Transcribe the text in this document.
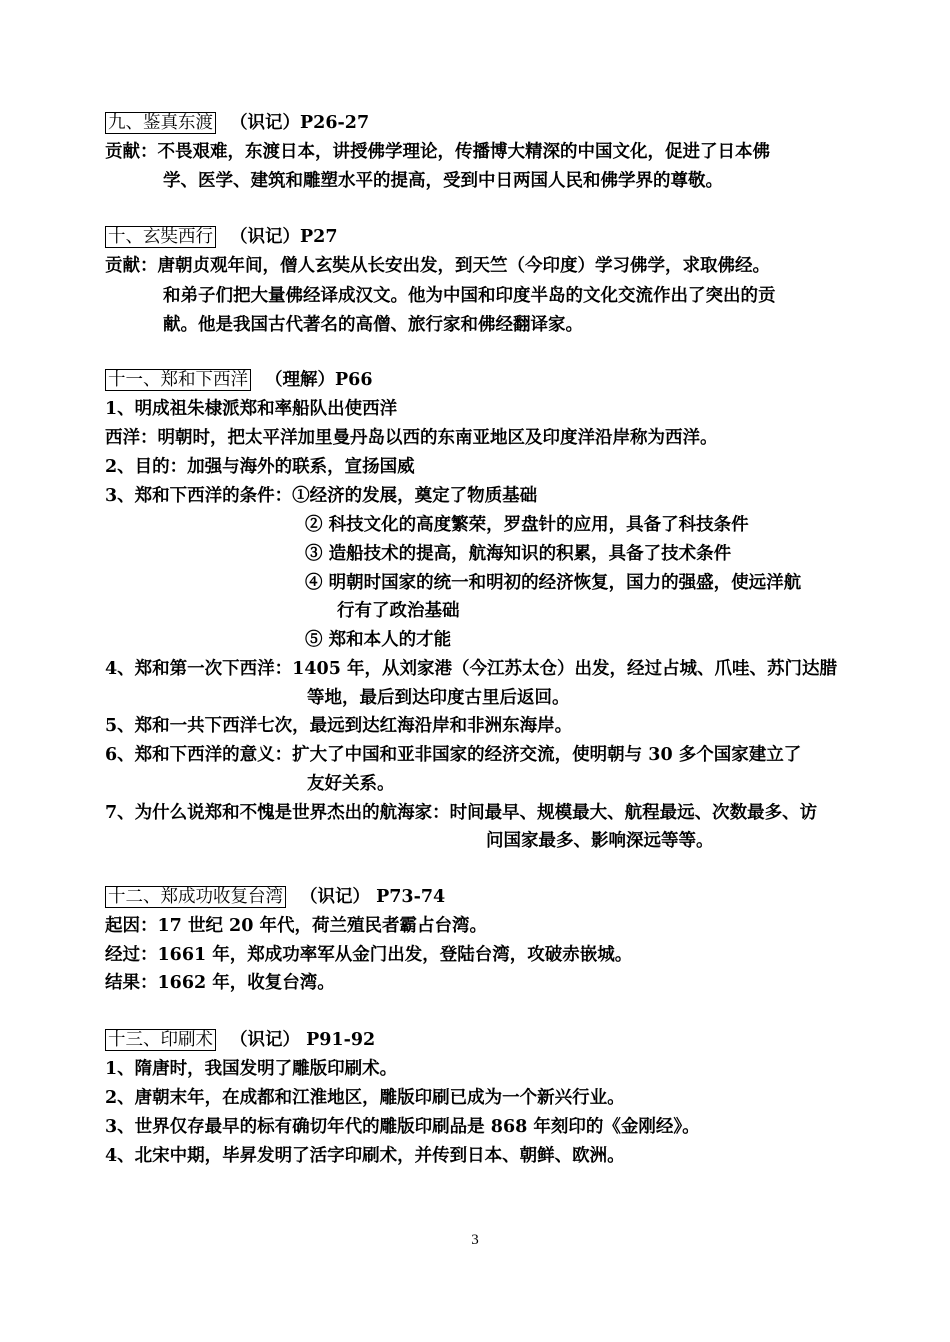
九、鉴真东渡 （识记）P26-27
贡献：不畏艰难，东渡日本，讲授佛学理论，传播博大精深的中国文化，促进了日本佛
学、医学、建筑和雕塑水平的提高，受到中日两国人民和佛学界的尊敬。
十、玄奘西行 （识记）P27
贡献：唐朝贞观年间，僧人玄奘从长安出发，到天竺（今印度）学习佛学，求取佛经。
和弟子们把大量佛经译成汉文。他为中国和印度半岛的文化交流作出了突出的贡
献。他是我国古代著名的高僧、旅行家和佛经翻译家。
十一、郑和下西洋 （理解）P66
1、明成祖朱棣派郑和率船队出使西洋
西洋：明朝时，把太平洋加里曼丹岛以西的东南亚地区及印度洋沿岸称为西洋。
2、目的：加强与海外的联系，宣扬国威
3、郑和下西洋的条件：①经济的发展，奠定了物质基础
② 科技文化的高度繁荣，罗盘针的应用，具备了科技条件
③ 造船技术的提高，航海知识的积累，具备了技术条件
④ 明朝时国家的统一和明初的经济恢复，国力的强盛，使远洋航
行有了政治基础
⑤ 郑和本人的才能
4、郑和第一次下西洋：1405 年，从刘家港（今江苏太仓）出发，经过占城、爪哇、苏门达腊
等地，最后到达印度古里后返回。
5、郑和一共下西洋七次，最远到达红海沿岸和非洲东海岸。
6、郑和下西洋的意义：扩大了中国和亚非国家的经济交流，使明朝与 30 多个国家建立了
友好关系。
7、为什么说郑和不愧是世界杰出的航海家：时间最早、规模最大、航程最远、次数最多、访
问国家最多、影响深远等等。
十二、郑成功收复台湾 （识记） P73-74
起因：17 世纪 20 年代，荷兰殖民者霸占台湾。
经过：1661 年，郑成功率军从金门出发，登陆台湾，攻破赤嵌城。
结果：1662 年，收复台湾。
十三、印刷术 （识记） P91-92
1、隋唐时，我国发明了雕版印刷术。
2、唐朝末年，在成都和江淮地区，雕版印刷已成为一个新兴行业。
3、世界仅存最早的标有确切年代的雕版印刷品是 868 年刻印的《金刚经》。
4、北宋中期，毕昇发明了活字印刷术，并传到日本、朝鲜、欧洲。
3
